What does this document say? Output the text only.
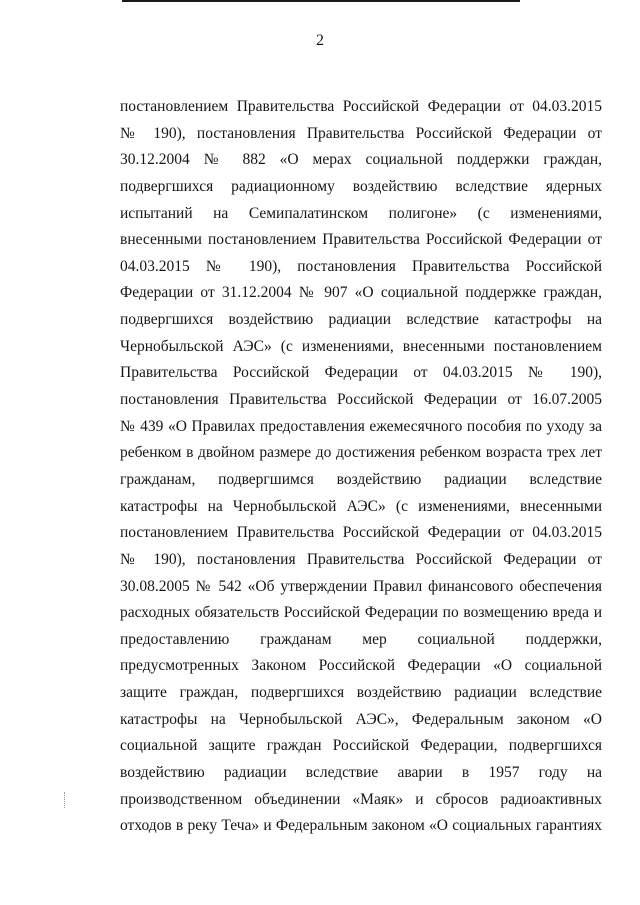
2
постановлением Правительства Российской Федерации от 04.03.2015
№ 190), постановления Правительства Российской Федерации от
30.12.2004 № 882 «О мерах социальной поддержки граждан,
подвергшихся радиационному воздействию вследствие ядерных
испытаний на Семипалатинском полигоне» (с изменениями,
внесенными постановлением Правительства Российской Федерации от
04.03.2015 № 190), постановления Правительства Российской
Федерации от 31.12.2004 № 907 «О социальной поддержке граждан,
подвергшихся воздействию радиации вследствие катастрофы на
Чернобыльской АЭС» (с изменениями, внесенными постановлением
Правительства Российской Федерации от 04.03.2015 № 190),
постановления Правительства Российской Федерации от 16.07.2005
№ 439 «О Правилах предоставления ежемесячного пособия по уходу за
ребенком в двойном размере до достижения ребенком возраста трех лет
гражданам, подвергшимся воздействию радиации вследствие
катастрофы на Чернобыльской АЭС» (с изменениями, внесенными
постановлением Правительства Российской Федерации от 04.03.2015
№ 190), постановления Правительства Российской Федерации от
30.08.2005 № 542 «Об утверждении Правил финансового обеспечения
расходных обязательств Российской Федерации по возмещению вреда и
предоставлению гражданам мер социальной поддержки,
предусмотренных Законом Российской Федерации «О социальной
защите граждан, подвергшихся воздействию радиации вследствие
катастрофы на Чернобыльской АЭС», Федеральным законом «О
социальной защите граждан Российской Федерации, подвергшихся
воздействию радиации вследствие аварии в 1957 году на
производственном объединении «Маяк» и сбросов радиоактивных
отходов в реку Теча» и Федеральным законом «О социальных гарантиях
